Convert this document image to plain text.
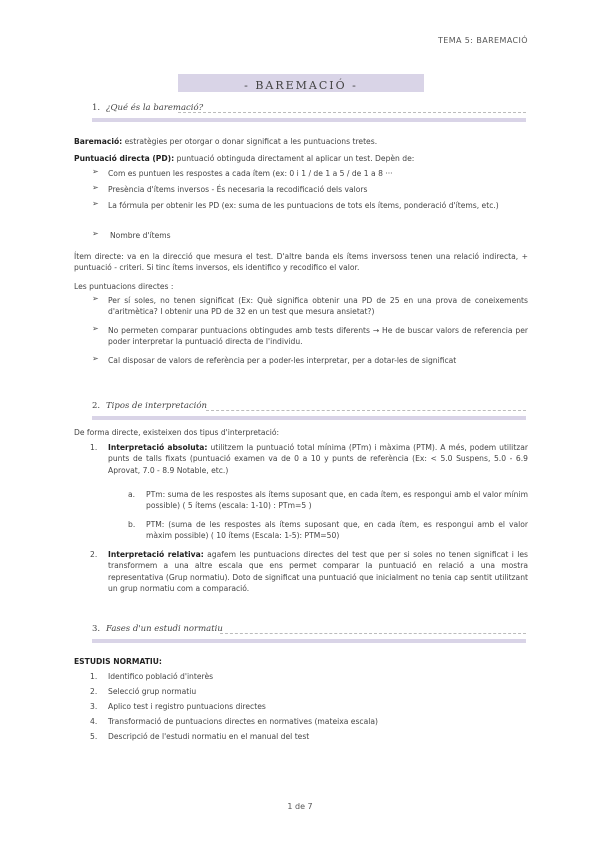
TEMA 5: BAREMACIÓ
- BAREMACIÓ -
1. ¿Qué és la baremació?
Baremació: estratègies per otorgar o donar significat a les puntuacions tretes.
Puntuació directa (PD): puntuació obtinguda directament al aplicar un test. Depèn de:
➢ Com es puntuen les respostes a cada ítem (ex: 0 i 1 / de 1 a 5 / de 1 a 8 ···
➢ Presència d'ítems inversos - És necesaria la recodificació dels valors
➢ La fórmula per obtenir les PD (ex: suma de les puntuacions de tots els ítems, ponderació d'ítems, etc.)
➢ Nombre d'ítems
Ítem directe: va en la direcció que mesura el test. D'altre banda els ítems inversoss tenen una relació indirecta, + puntuació - criteri. Si tinc ítems inversos, els identifico y recodifico el valor.
Les puntuacions directes :
➢ Per sí soles, no tenen significat (Ex: Què significa obtenir una PD de 25 en una prova de coneixements d'aritmètica? I obtenir una PD de 32 en un test que mesura ansietat?)
➢ No permeten comparar puntuacions obtingudes amb tests diferents → He de buscar valors de referencia per poder interpretar la puntuació directa de l'individu.
➢ Cal disposar de valors de referència per a poder-les interpretar, per a dotar-les de significat
2. Tipos de interpretación
De forma directe, existeixen dos tipus d'interpretació:
1. Interpretació absoluta: utilitzem la puntuació total mínima (PTm) i màxima (PTM). A més, podem utilitzar punts de talls fixats (puntuació examen va de 0 a 10 y punts de referència (Ex: < 5.0 Suspens, 5.0 - 6.9 Aprovat, 7.0 - 8.9 Notable, etc.)
a. PTm: suma de les respostes als ítems suposant que, en cada ítem, es respongui amb el valor mínim possible) ( 5 ítems (escala: 1-10) : PTm=5 )
b. PTM: (suma de les respostes als ítems suposant que, en cada ítem, es respongui amb el valor màxim possible) ( 10 ítems (Escala: 1-5): PTM=50)
2. Interpretació relativa: agafem les puntuacions directes del test que per si soles no tenen significat i les transformem a una altre escala que ens permet comparar la puntuació en relació a una mostra representativa (Grup normatiu). Doto de significat una puntuació que inicialment no tenia cap sentit utilitzant un grup normatiu com a comparació.
3. Fases d'un estudi normatiu
ESTUDIS NORMATIU:
1. Identifico població d'interès
2. Selecció grup normatiu
3. Aplico test i registro puntuacions directes
4. Transformació de puntuacions directes en normatives (mateixa escala)
5. Descripció de l'estudi normatiu en el manual del test
1 de 7
